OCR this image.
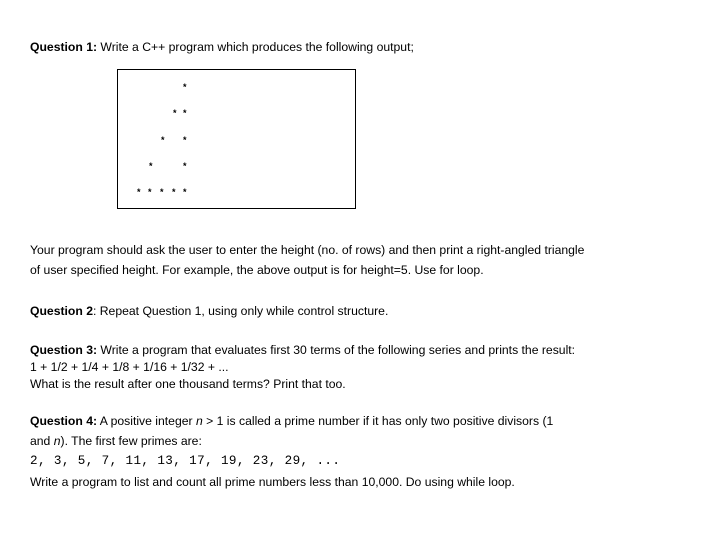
Question 1: Write a C++ program which produces the following output;
*
* *
* *
*	*
* * * * *
Your program should ask the user to enter the height (no. of rows) and then print a right-angled triangle
of user specified height. For example, the above output is for height=5. Use for loop.
Question 2: Repeat Question 1, using only while control structure.
Question 3: Write a program that evaluates first 30 terms of the following series and prints the result:
1 + 1/2 + 1/4 + 1/8 + 1/16 + 1/32 + ...
What is the result after one thousand terms? Print that too.
Question 4: A positive integer n > 1 is called a prime number if it has only two positive divisors (1
and n). The first few primes are:
2, 3, 5, 7, 11, 13, 17, 19, 23, 29, ...
Write a program to list and count all prime numbers less than 10,000. Do using while loop.
